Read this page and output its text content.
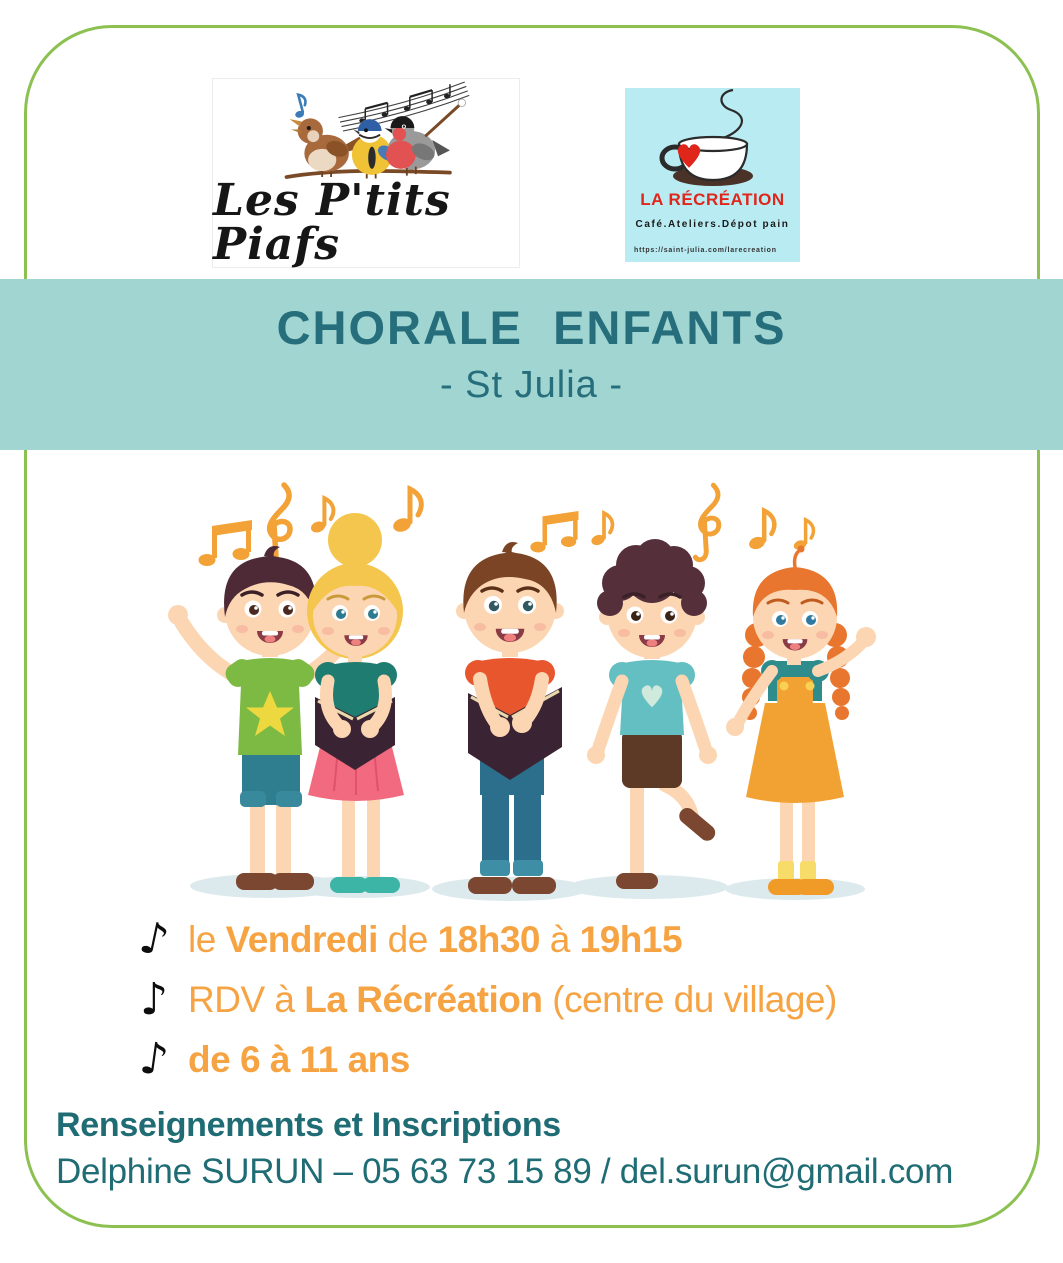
Les P'tits Piafs
LA RÉCRÉATION
Café.Ateliers.Dépot pain
https://saint-julia.com/larecreation
CHORALE  ENFANTS
- St Julia -
♪ le Vendredi de 18h30 à 19h15
♪ RDV à La Récréation (centre du village)
♪ de 6 à 11 ans
Renseignements et Inscriptions
Delphine SURUN – 05 63 73 15 89 / del.surun@gmail.com
